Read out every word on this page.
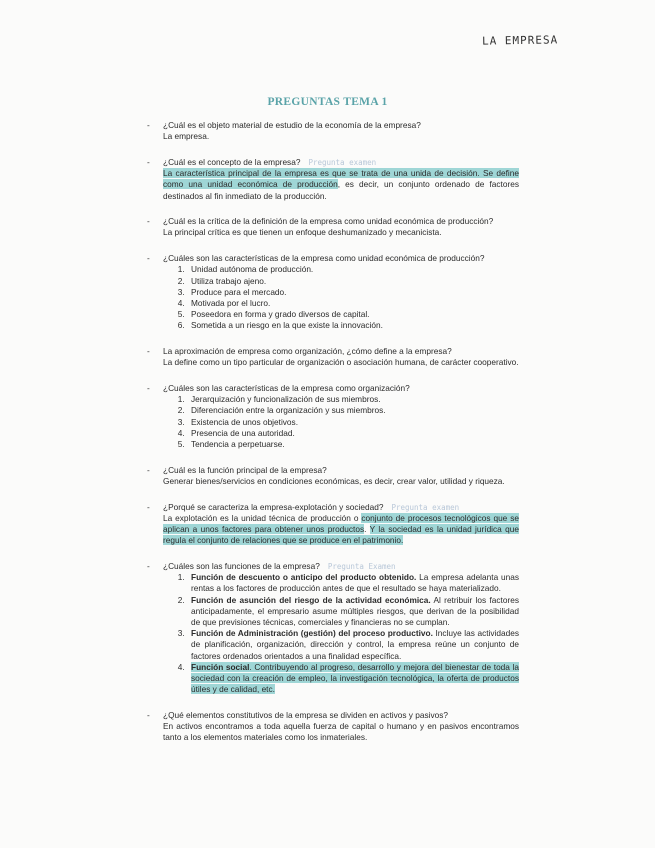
LA EMPRESA
PREGUNTAS TEMA 1
- ¿Cuál es el objeto material de estudio de la economía de la empresa?
La empresa.
- ¿Cuál es el concepto de la empresa? Pregunta examen
La característica principal de la empresa es que se trata de una unida de decisión. Se define como una unidad económica de producción, es decir, un conjunto ordenado de factores destinados al fin inmediato de la producción.
- ¿Cuál es la crítica de la definición de la empresa como unidad económica de producción?
La principal crítica es que tienen un enfoque deshumanizado y mecanicista.
- ¿Cuáles son las características de la empresa como unidad económica de producción?
1. Unidad autónoma de producción.
2. Utiliza trabajo ajeno.
3. Produce para el mercado.
4. Motivada por el lucro.
5. Poseedora en forma y grado diversos de capital.
6. Sometida a un riesgo en la que existe la innovación.
- La aproximación de empresa como organización, ¿cómo define a la empresa?
La define como un tipo particular de organización o asociación humana, de carácter cooperativo.
- ¿Cuáles son las características de la empresa como organización?
1. Jerarquización y funcionalización de sus miembros.
2. Diferenciación entre la organización y sus miembros.
3. Existencia de unos objetivos.
4. Presencia de una autoridad.
5. Tendencia a perpetuarse.
- ¿Cuál es la función principal de la empresa?
Generar bienes/servicios en condiciones económicas, es decir, crear valor, utilidad y riqueza.
- ¿Porqué se caracteriza la empresa-explotación y sociedad? Pregunta examen
La explotación es la unidad técnica de producción o conjunto de procesos tecnológicos que se aplican a unos factores para obtener unos productos. Y la sociedad es la unidad jurídica que regula el conjunto de relaciones que se produce en el patrimonio.
- ¿Cuáles son las funciones de la empresa? Pregunta Examen
1. Función de descuento o anticipo del producto obtenido. La empresa adelanta unas rentas a los factores de producción antes de que el resultado se haya materializado.
2. Función de asunción del riesgo de la actividad económica. Al retribuir los factores anticipadamente, el empresario asume múltiples riesgos, que derivan de la posibilidad de que previsiones técnicas, comerciales y financieras no se cumplan.
3. Función de Administración (gestión) del proceso productivo. Incluye las actividades de planificación, organización, dirección y control, la empresa reúne un conjunto de factores ordenados orientados a una finalidad específica.
4. Función social. Contribuyendo al progreso, desarrollo y mejora del bienestar de toda la sociedad con la creación de empleo, la investigación tecnológica, la oferta de productos útiles y de calidad, etc.
- ¿Qué elementos constitutivos de la empresa se dividen en activos y pasivos?
En activos encontramos a toda aquella fuerza de capital o humano y en pasivos encontramos tanto a los elementos materiales como los inmateriales.
